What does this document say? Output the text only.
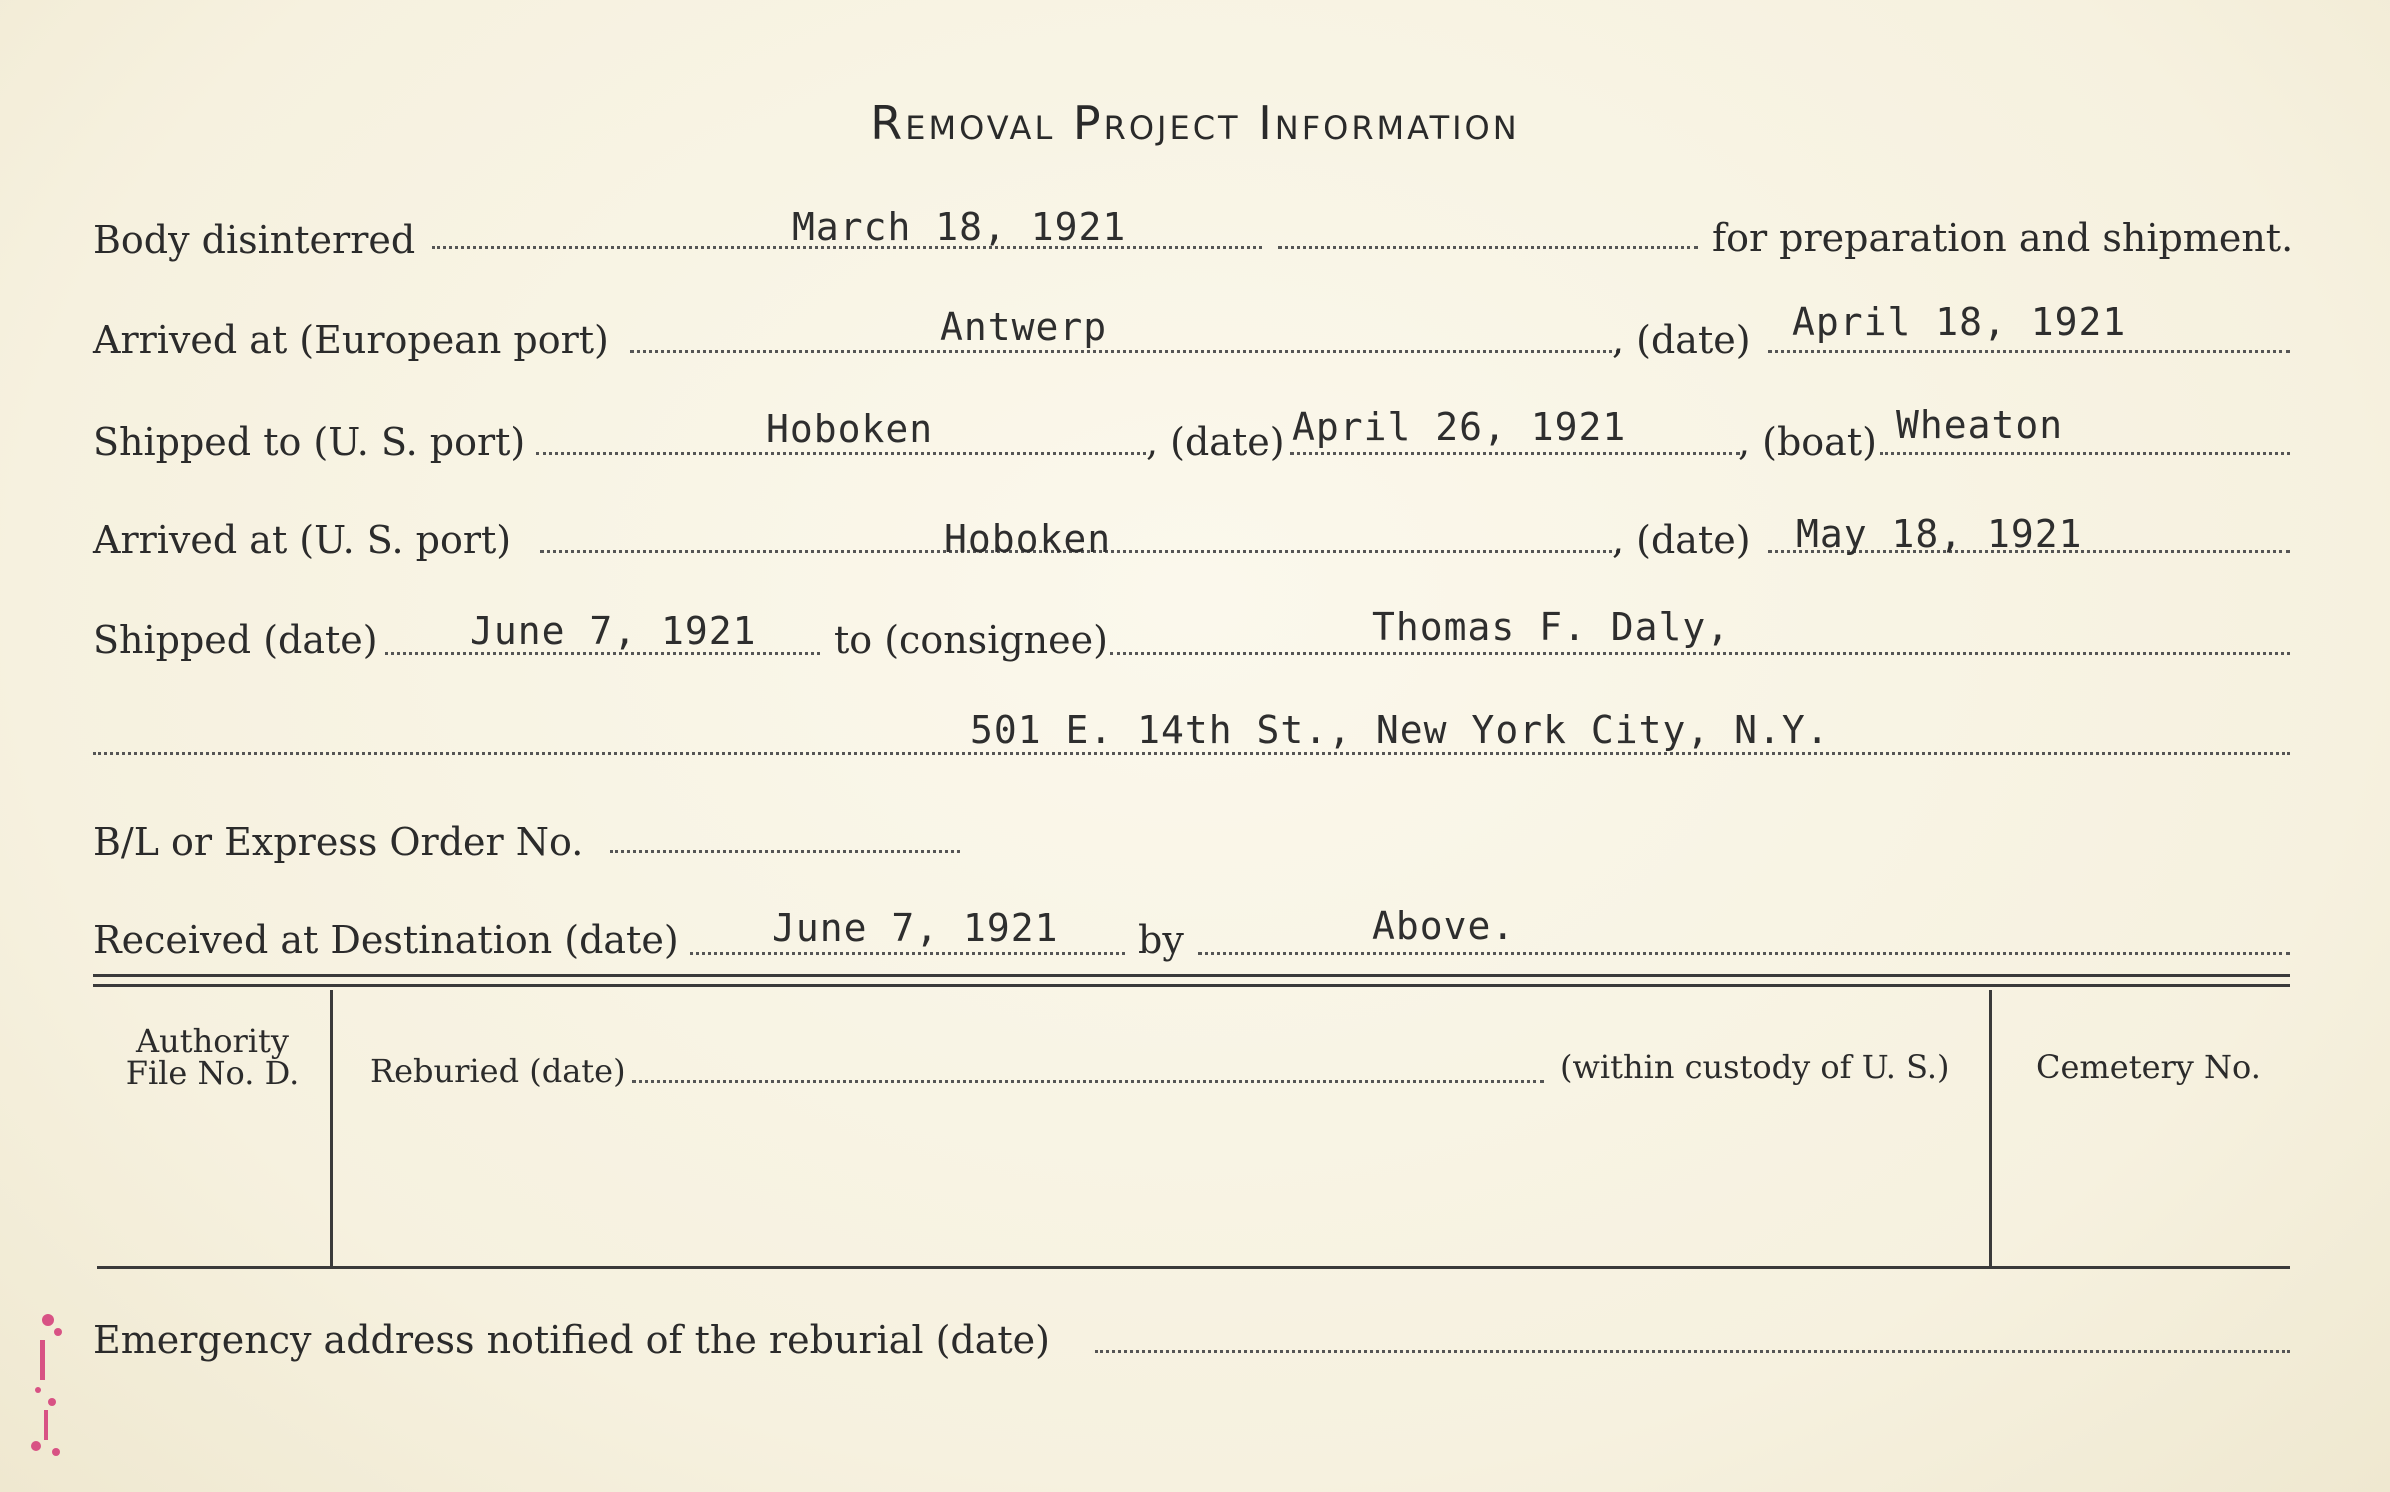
Removal Project Information
Body disinterred	March 18, 1921	for preparation and shipment.
Arrived at (European port)	Antwerp	, (date) April 18, 1921
Shipped to (U. S. port)	Hoboken	, (date) April 26, 1921	, (boat) Wheaton
Arrived at (U. S. port)	Hoboken	, (date) May 18, 1921
Shipped (date) June 7, 1921 to (consignee)	Thomas F. Daly,
501 E. 14th St., New York City, N.Y.
B/L or Express Order No.
Received at Destination (date) June 7, 1921 by	Above.
Authority
File No. D.	Reburied (date)	(within custody of U. S.)	Cemetery No.
Emergency address notified of the reburial (date)
